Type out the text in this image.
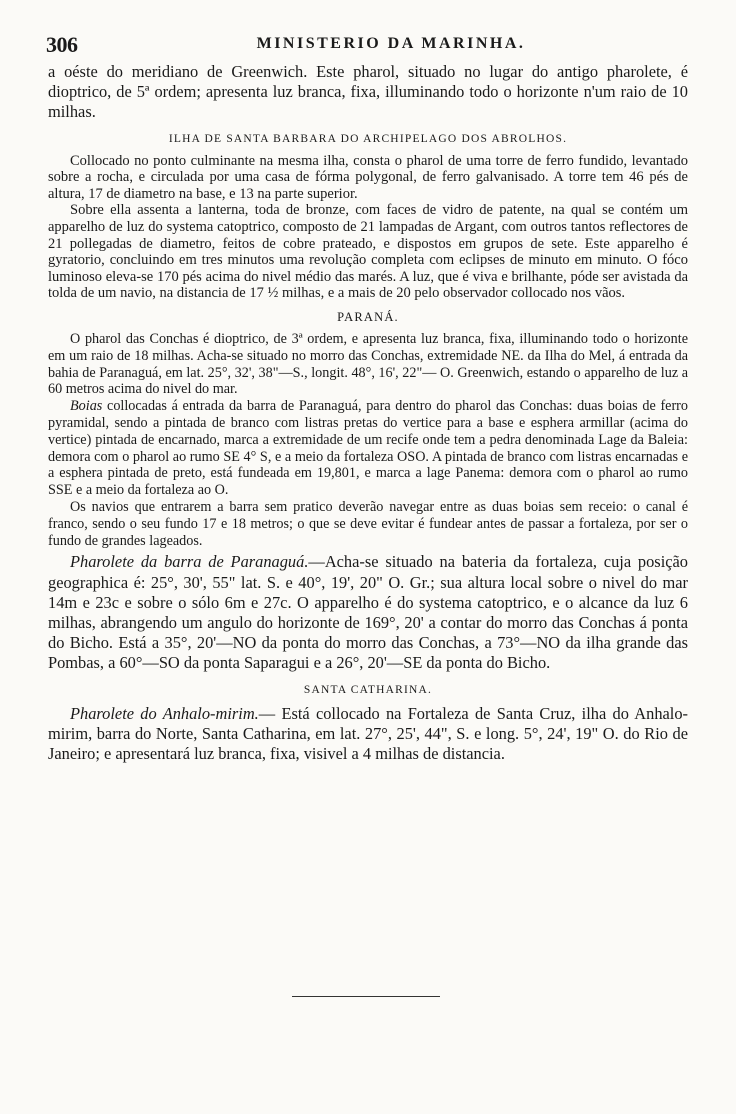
306	MINISTERIO DA MARINHA.

a oéste do meridiano de Greenwich. Este pharol, situado no lugar do antigo pharolete, é dioptrico, de 5ª ordem; apresenta luz branca, fixa, illuminando todo o horizonte n'um raio de 10 milhas.

ILHA DE SANTA BARBARA DO ARCHIPELAGO DOS ABROLHOS.

Collocado no ponto culminante na mesma ilha, consta o pharol de uma torre de ferro fundido, levantado sobre a rocha, e circulada por uma casa de fórma polygonal, de ferro galvanisado. A torre tem 46 pés de altura, 17 de diametro na base, e 13 na parte superior.

Sobre ella assenta a lanterna, toda de bronze, com faces de vidro de patente, na qual se contém um apparelho de luz do systema catoptrico, composto de 21 lampadas de Argant, com outros tantos reflectores de 21 pollegadas de diametro, feitos de cobre prateado, e dispostos em grupos de sete. Este apparelho é gyratorio, concluindo em tres minutos uma revolução completa com eclipses de minuto em minuto. O fóco luminoso eleva-se 170 pés acima do nivel médio das marés. A luz, que é viva e brilhante, póde ser avistada da tolda de um navio, na distancia de 17 ½ milhas, e a mais de 20 pelo observador collocado nos vãos.

PARANÁ.

O pharol das Conchas é dioptrico, de 3ª ordem, e apresenta luz branca, fixa, illuminando todo o horizonte em um raio de 18 milhas. Acha-se situado no morro das Conchas, extremidade NE. da Ilha do Mel, á entrada da bahia de Paranaguá, em lat. 25°, 32', 38"—S., longit. 48°, 16', 22"— O. Greenwich, estando o apparelho de luz a 60 metros acima do nivel do mar.

Boias collocadas á entrada da barra de Paranaguá, para dentro do pharol das Conchas: duas boias de ferro pyramidal, sendo a pintada de branco com listras pretas do vertice para a base e esphera armillar (acima do vertice) pintada de encarnado, marca a extremidade de um recife onde tem a pedra denominada Lage da Baleia: demora com o pharol ao rumo SE 4° S, e a meio da fortaleza OSO. A pintada de branco com listras encarnadas e a esphera pintada de preto, está fundeada em 19,801, e marca a lage Panema: demora com o pharol ao rumo SSE e a meio da fortaleza ao O.

Os navios que entrarem a barra sem pratico deverão navegar entre as duas boias sem receio: o canal é franco, sendo o seu fundo 17 e 18 metros; o que se deve evitar é fundear antes de passar a fortaleza, por ser o fundo de grandes lageados.

Pharolete da barra de Paranaguá.—Acha-se situado na bateria da fortaleza, cuja posição geographica é: 25°, 30', 55" lat. S. e 40°, 19', 20" O. Gr.; sua altura local sobre o nivel do mar 14m e 23c e sobre o sólo 6m e 27c. O apparelho é do systema catoptrico, e o alcance da luz 6 milhas, abrangendo um angulo do horizonte de 169°, 20' a contar do morro das Conchas á ponta do Bicho. Está a 35°, 20'—NO da ponta do morro das Conchas, a 73°—NO da ilha grande das Pombas, a 60°—SO da ponta Saparagui e a 26°, 20'—SE da ponta do Bicho.

SANTA CATHARINA.

Pharolete do Anhalo-mirim.— Está collocado na Fortaleza de Santa Cruz, ilha do Anhalo-mirim, barra do Norte, Santa Catharina, em lat. 27°, 25', 44", S. e long. 5°, 24', 19" O. do Rio de Janeiro; e apresentará luz branca, fixa, visivel a 4 milhas de distancia.
